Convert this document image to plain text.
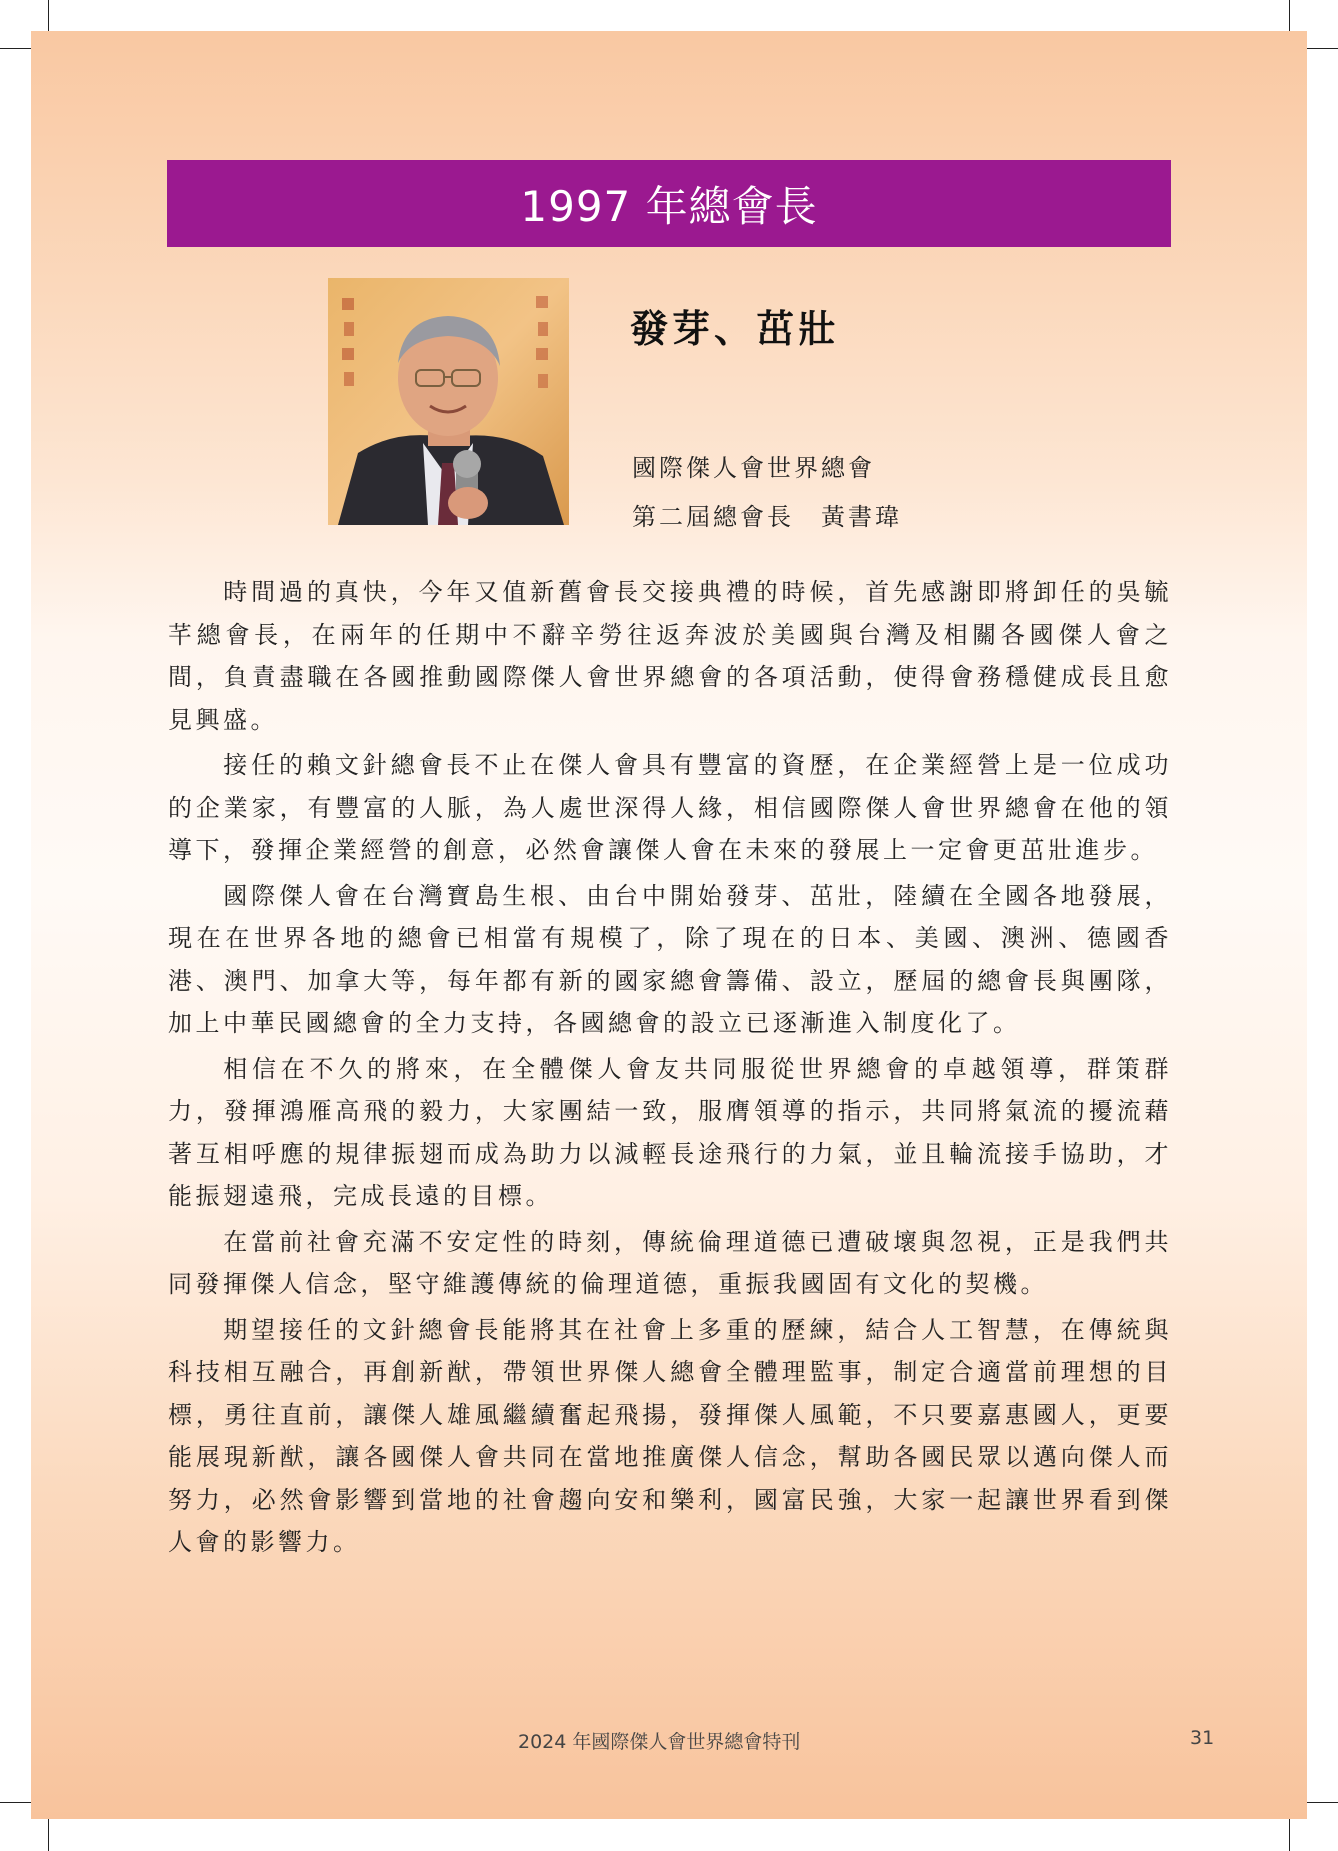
1997 年總會長
發芽、茁壯
國際傑人會世界總會
第二屆總會長　黃書瑋

時間過的真快，今年又值新舊會長交接典禮的時候，首先感謝即將卸任的吳毓芊總會長，在兩年的任期中不辭辛勞往返奔波於美國與台灣及相關各國傑人會之間，負責盡職在各國推動國際傑人會世界總會的各項活動，使得會務穩健成長且愈見興盛。

接任的賴文針總會長不止在傑人會具有豐富的資歷，在企業經營上是一位成功的企業家，有豐富的人脈，為人處世深得人緣，相信國際傑人會世界總會在他的領導下，發揮企業經營的創意，必然會讓傑人會在未來的發展上一定會更茁壯進步。

國際傑人會在台灣寶島生根、由台中開始發芽、茁壯，陸續在全國各地發展，現在在世界各地的總會已相當有規模了，除了現在的日本、美國、澳洲、德國香港、澳門、加拿大等，每年都有新的國家總會籌備、設立，歷屆的總會長與團隊，加上中華民國總會的全力支持，各國總會的設立已逐漸進入制度化了。

相信在不久的將來，在全體傑人會友共同服從世界總會的卓越領導，群策群力，發揮鴻雁高飛的毅力，大家團結一致，服膺領導的指示，共同將氣流的擾流藉著互相呼應的規律振翅而成為助力以減輕長途飛行的力氣，並且輪流接手協助，才能振翅遠飛，完成長遠的目標。

在當前社會充滿不安定性的時刻，傳統倫理道德已遭破壞與忽視，正是我們共同發揮傑人信念，堅守維護傳統的倫理道德，重振我國固有文化的契機。

期望接任的文針總會長能將其在社會上多重的歷練，結合人工智慧，在傳統與科技相互融合，再創新猷，帶領世界傑人總會全體理監事，制定合適當前理想的目標，勇往直前，讓傑人雄風繼續奮起飛揚，發揮傑人風範，不只要嘉惠國人，更要能展現新猷，讓各國傑人會共同在當地推廣傑人信念，幫助各國民眾以邁向傑人而努力，必然會影響到當地的社會趨向安和樂利，國富民強，大家一起讓世界看到傑人會的影響力。

2024 年國際傑人會世界總會特刊	31
